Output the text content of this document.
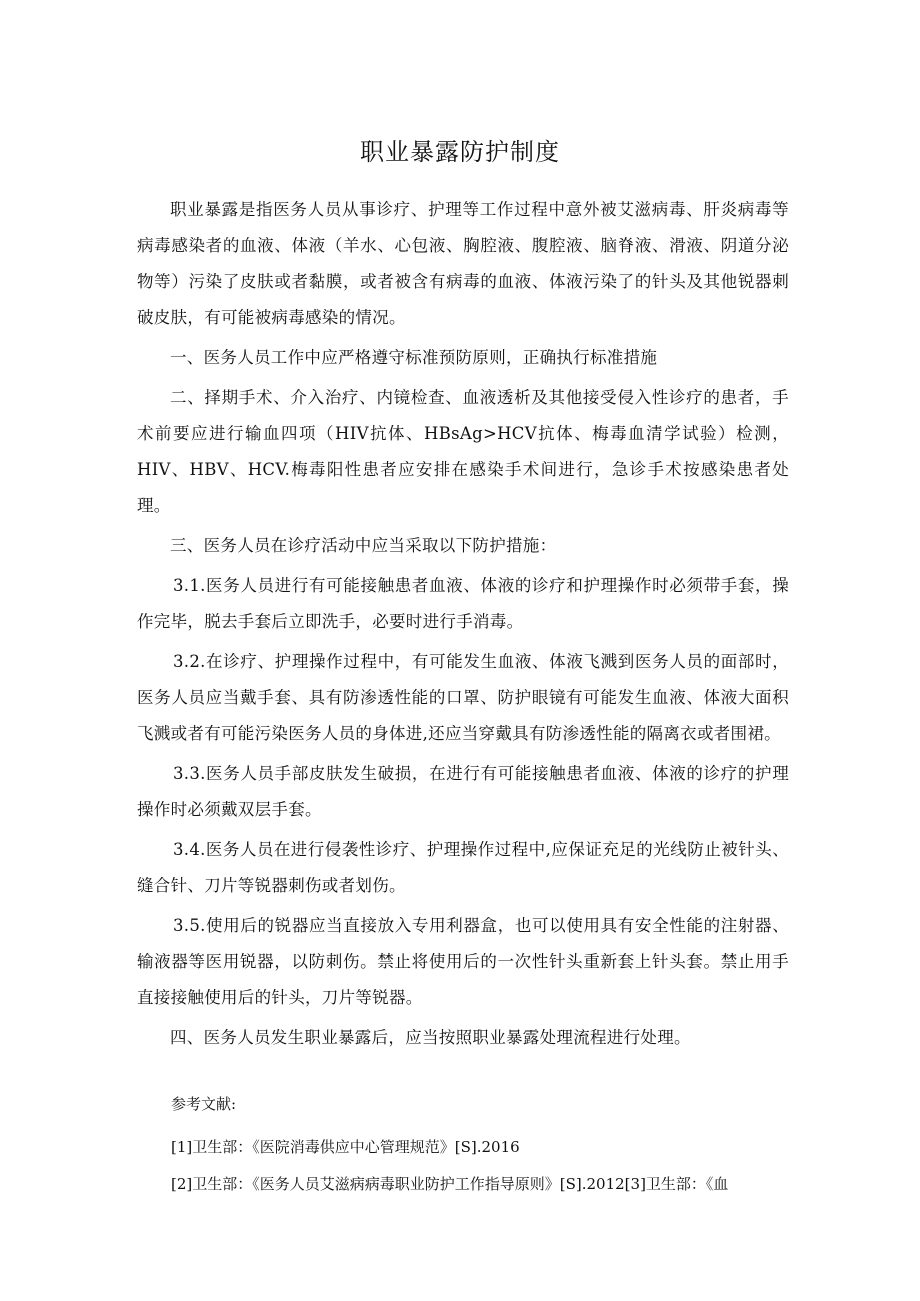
职业暴露防护制度

职业暴露是指医务人员从事诊疗、护理等工作过程中意外被艾滋病毒、肝炎病毒等病毒感染者的血液、体液（羊水、心包液、胸腔液、腹腔液、脑脊液、滑液、阴道分泌物等）污染了皮肤或者黏膜，或者被含有病毒的血液、体液污染了的针头及其他锐器刺破皮肤，有可能被病毒感染的情况。

一、医务人员工作中应严格遵守标准预防原则，正确执行标准措施

二、择期手术、介入治疗、内镜检查、血液透析及其他接受侵入性诊疗的患者，手术前要应进行输血四项（HIV抗体、HBsAg>HCV抗体、梅毒血清学试验）检测，HIV、HBV、HCV.梅毒阳性患者应安排在感染手术间进行，急诊手术按感染患者处理。

三、医务人员在诊疗活动中应当采取以下防护措施：

3.1.医务人员进行有可能接触患者血液、体液的诊疗和护理操作时必须带手套，操作完毕，脱去手套后立即洗手，必要时进行手消毒。

3.2.在诊疗、护理操作过程中，有可能发生血液、体液飞溅到医务人员的面部时，医务人员应当戴手套、具有防渗透性能的口罩、防护眼镜有可能发生血液、体液大面积飞溅或者有可能污染医务人员的身体进,还应当穿戴具有防渗透性能的隔离衣或者围裙。

3.3.医务人员手部皮肤发生破损，在进行有可能接触患者血液、体液的诊疗的护理操作时必须戴双层手套。

3.4.医务人员在进行侵袭性诊疗、护理操作过程中,应保证充足的光线防止被针头、缝合针、刀片等锐器刺伤或者划伤。

3.5.使用后的锐器应当直接放入专用利器盒，也可以使用具有安全性能的注射器、输液器等医用锐器，以防刺伤。禁止将使用后的一次性针头重新套上针头套。禁止用手直接接触使用后的针头，刀片等锐器。

四、医务人员发生职业暴露后，应当按照职业暴露处理流程进行处理。

参考文献:

[1]卫生部：《医院消毒供应中心管理规范》[S].2016

[2]卫生部：《医务人员艾滋病病毒职业防护工作指导原则》[S].2012[3]卫生部：《血
